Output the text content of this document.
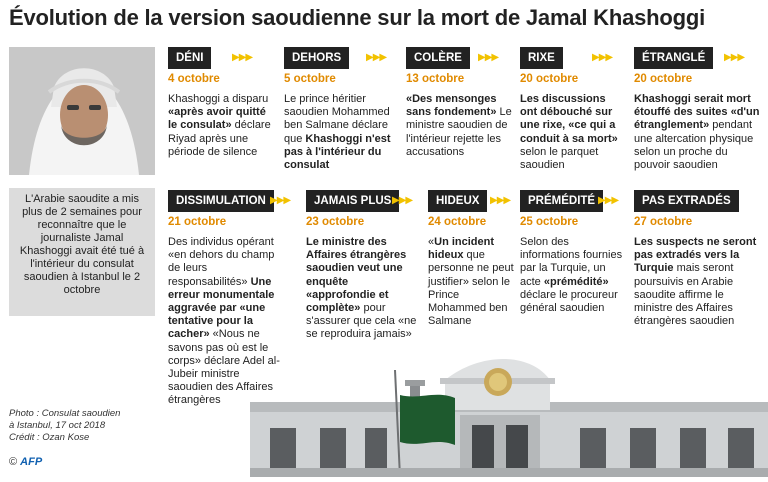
Évolution de la version saoudienne sur la mort de Jamal Khashoggi
L'Arabie saoudite a mis plus de 2 semaines pour reconnaître que le journaliste Jamal Khashoggi avait été tué à l'intérieur du consulat saoudien à Istanbul le 2 octobre
Photo : Consulat saoudien
à Istanbul, 17 oct 2018
Crédit : Ozan Kose
© AFP
DÉNI	▶▶▶
4 octobre
Khashoggi a disparu «après avoir quitté le consulat» déclare Riyad après une période de silence
DEHORS	▶▶▶
5 octobre
Le prince héritier saoudien Mohammed ben Salmane déclare que Khashoggi n'est pas à l'intérieur du consulat
COLÈRE	▶▶▶
13 octobre
«Des mensonges sans fondement» Le ministre saoudien de l'intérieur rejette les accusations
RIXE	▶▶▶
20 octobre
Les discussions ont débouché sur une rixe, «ce qui a conduit à sa mort» selon le parquet saoudien
ÉTRANGLÉ	▶▶▶
20 octobre
Khashoggi serait mort étouffé des suites «d'un étranglement» pendant une altercation physique selon un proche du pouvoir saoudien
DISSIMULATION ▶▶▶
21 octobre
Des individus opérant «en dehors du champ de leurs responsabilités» Une erreur monumentale aggravée par «une tentative pour la cacher» «Nous ne savons pas où est le corps» déclare Adel al-Jubeir ministre saoudien des Affaires étrangères
JAMAIS PLUS ▶▶▶
23 octobre
Le ministre des Affaires étrangères saoudien veut une enquête «approfondie et complète» pour s'assurer que cela «ne se reproduira jamais»
HIDEUX	▶▶▶
24 octobre
«Un incident hideux que personne ne peut justifier» selon le Prince Mohammed ben Salmane
PRÉMÉDITÉ ▶▶▶
25 octobre
Selon des informations fournies par la Turquie, un acte «prémédité» déclare le procureur général saoudien
PAS EXTRADÉS
27 octobre
Les suspects ne seront pas extradés vers la Turquie mais seront poursuivis en Arabie saoudite affirme le ministre des Affaires étrangères saoudien
